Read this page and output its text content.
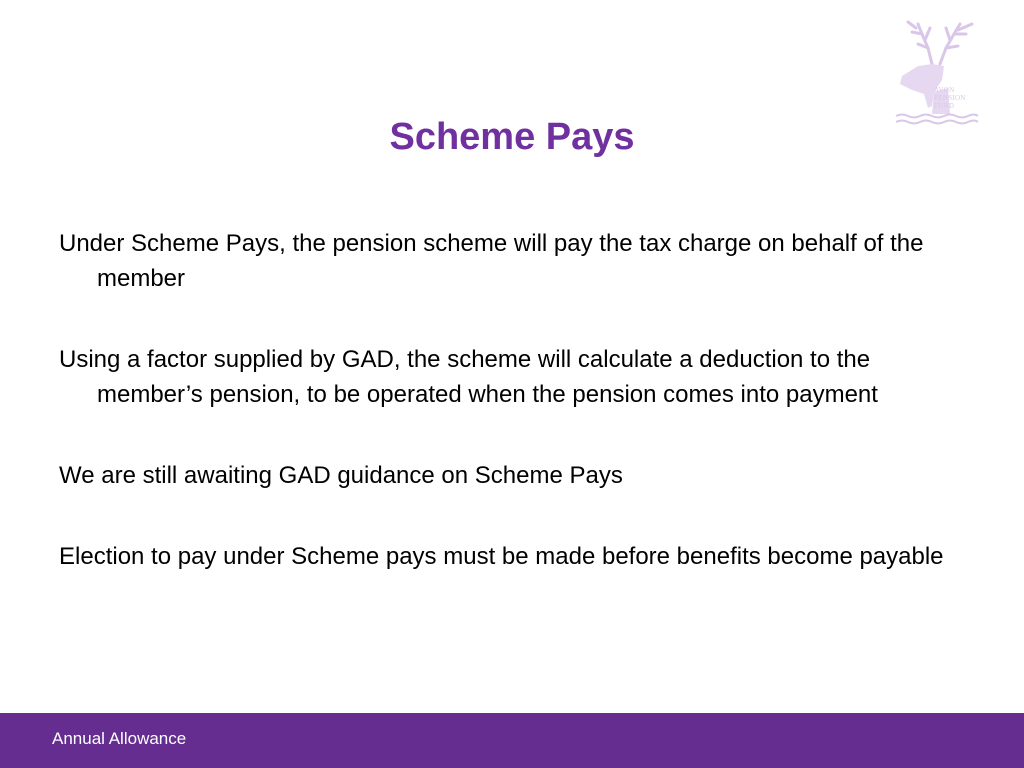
AVON
PENSION
FUND
Scheme Pays

Under Scheme Pays, the pension scheme will pay the tax charge on behalf of the member

Using a factor supplied by GAD, the scheme will calculate a deduction to the member’s pension, to be operated when the pension comes into payment

We are still awaiting GAD guidance on Scheme Pays

Election to pay under Scheme pays must be made before benefits become payable

Annual Allowance
